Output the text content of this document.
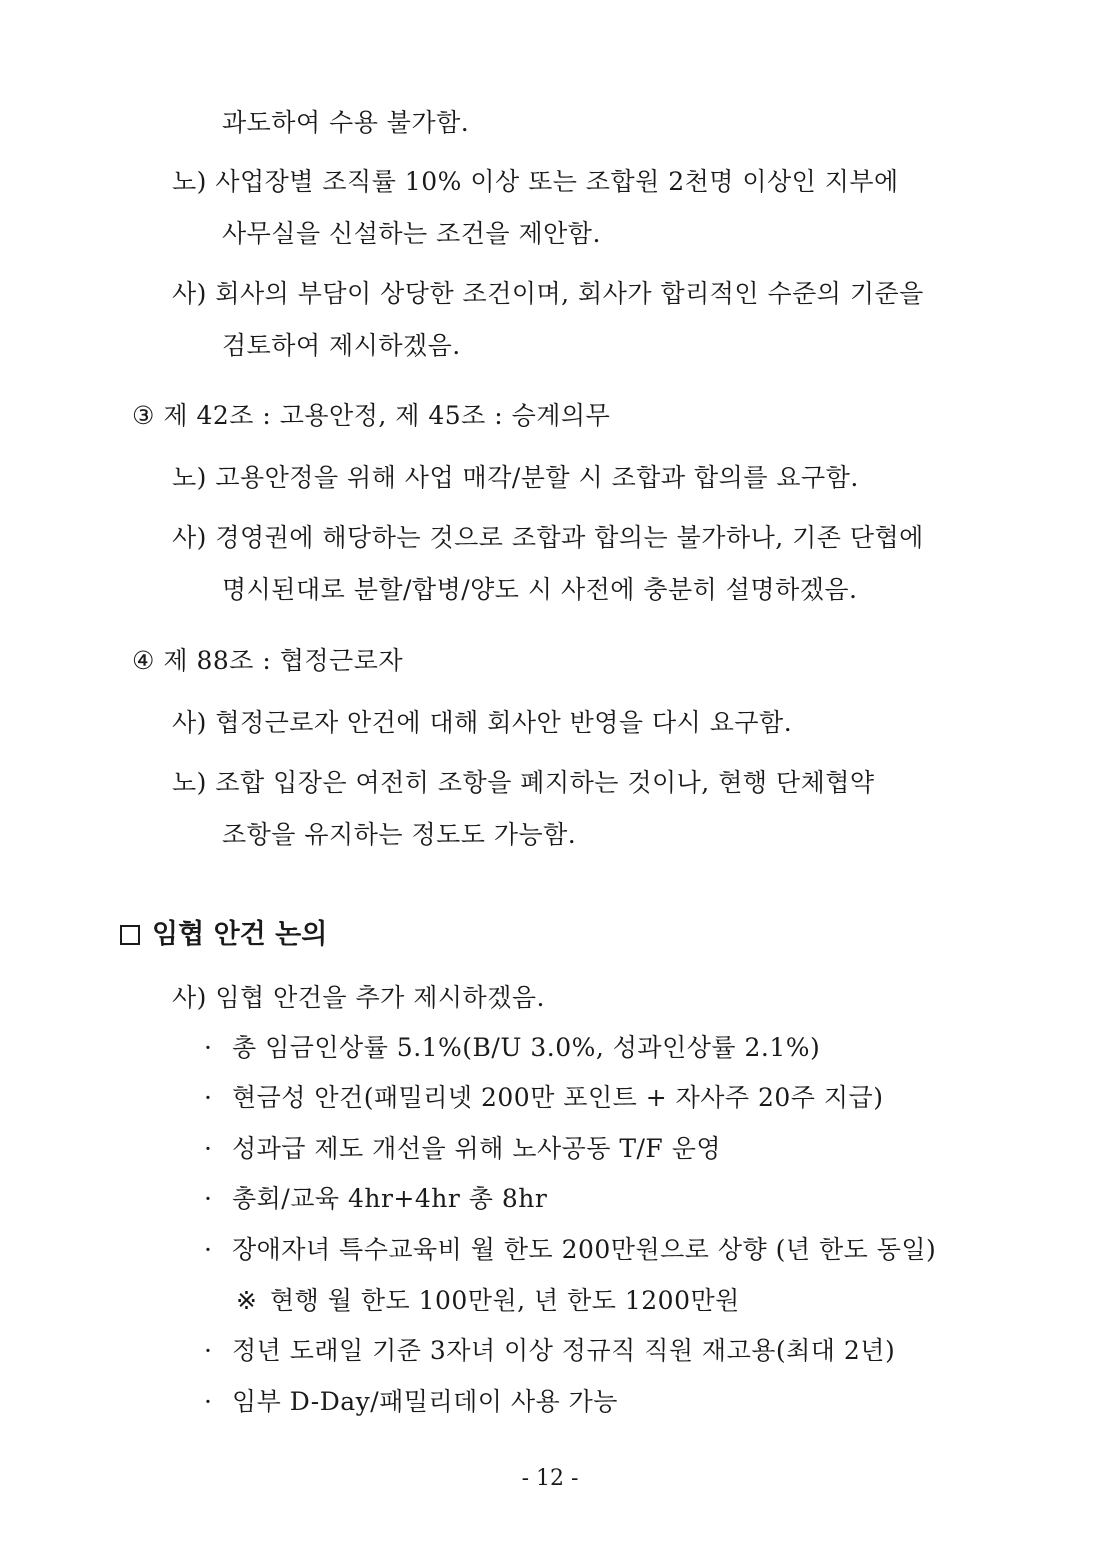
과도하여 수용 불가함.
노) 사업장별 조직률 10% 이상 또는 조합원 2천명 이상인 지부에
사무실을 신설하는 조건을 제안함.
사) 회사의 부담이 상당한 조건이며, 회사가 합리적인 수준의 기준을
검토하여 제시하겠음.
③ 제 42조 : 고용안정, 제 45조 : 승계의무
노) 고용안정을 위해 사업 매각/분할 시 조합과 합의를 요구함.
사) 경영권에 해당하는 것으로 조합과 합의는 불가하나, 기존 단협에
명시된대로 분할/합병/양도 시 사전에 충분히 설명하겠음.
④ 제 88조 : 협정근로자
사) 협정근로자 안건에 대해 회사안 반영을 다시 요구함.
노) 조합 입장은 여전히 조항을 폐지하는 것이나, 현행 단체협약
조항을 유지하는 정도도 가능함.
임협 안건 논의
사) 임협 안건을 추가 제시하겠음.
· 총 임금인상률 5.1%(B/U 3.0%, 성과인상률 2.1%)
· 현금성 안건(패밀리넷 200만 포인트 + 자사주 20주 지급)
· 성과급 제도 개선을 위해 노사공동 T/F 운영
· 총회/교육 4hr+4hr 총 8hr
· 장애자녀 특수교육비 월 한도 200만원으로 상향 (년 한도 동일)
※ 현행 월 한도 100만원, 년 한도 1200만원
· 정년 도래일 기준 3자녀 이상 정규직 직원 재고용(최대 2년)
· 임부 D-Day/패밀리데이 사용 가능
- 12 -
